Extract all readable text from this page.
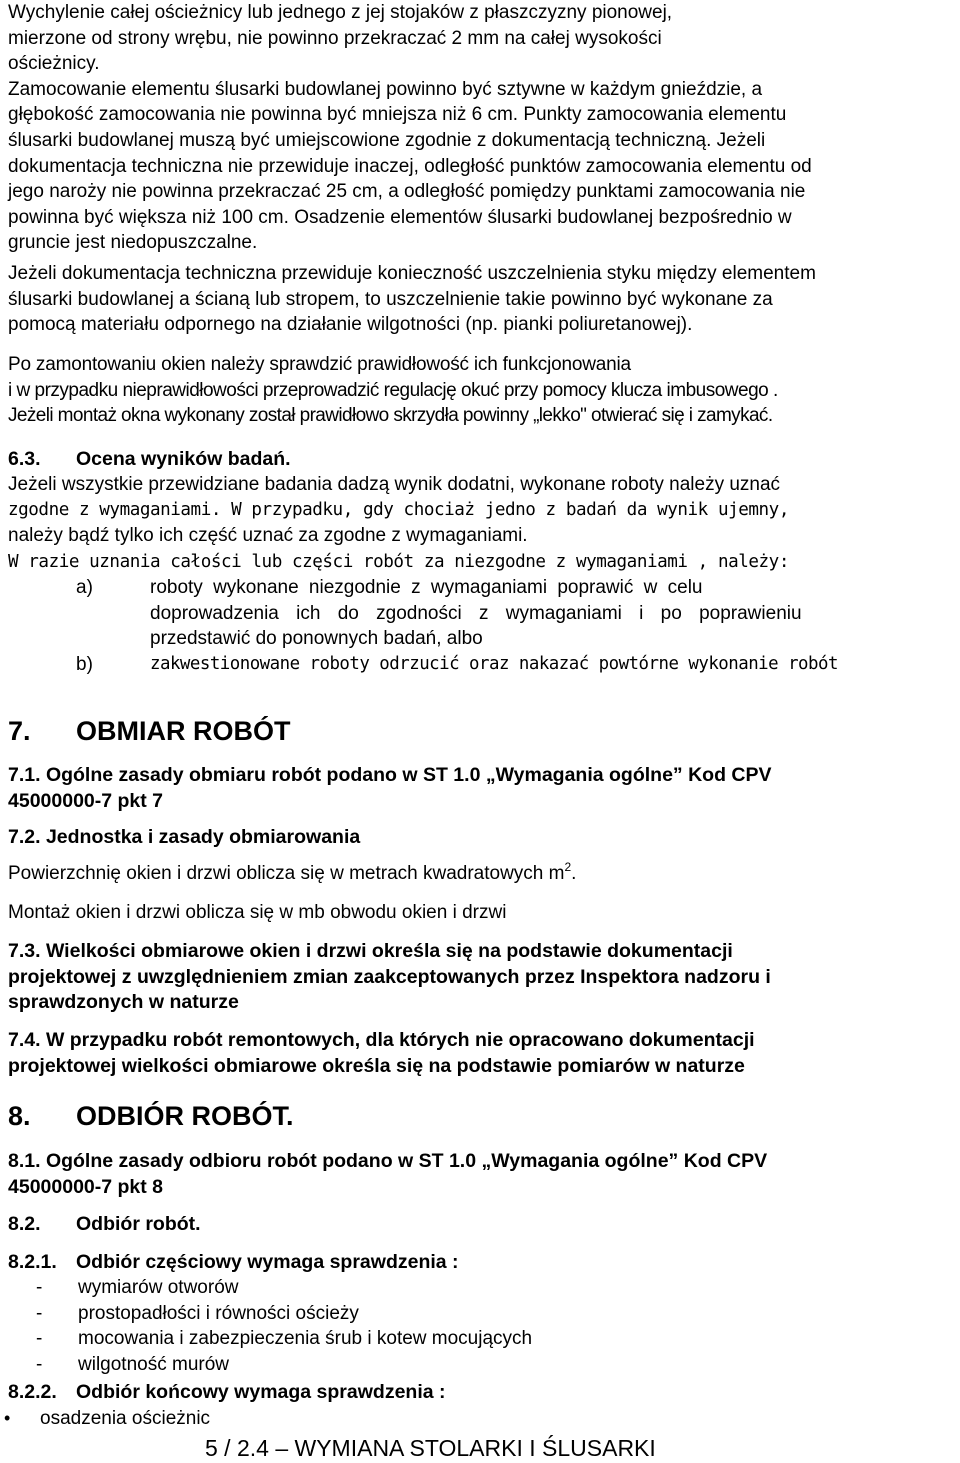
Wychylenie całej ościeżnicy lub jednego z jej stojaków z płaszczyzny pionowej,
mierzone od strony wrębu, nie powinno przekraczać 2 mm na całej wysokości
ościeżnicy.
Zamocowanie elementu ślusarki budowlanej powinno być sztywne w każdym gnieździe, a
głębokość zamocowania nie powinna być mniejsza niż 6 cm. Punkty zamocowania elementu
ślusarki budowlanej muszą być umiejscowione zgodnie z dokumentacją techniczną. Jeżeli
dokumentacja techniczna nie przewiduje inaczej, odległość punktów zamocowania elementu od
jego naroży nie powinna przekraczać 25 cm, a odległość pomiędzy punktami zamocowania nie
powinna być większa niż 100 cm. Osadzenie elementów ślusarki budowlanej bezpośrednio w
gruncie jest niedopuszczalne.
Jeżeli dokumentacja techniczna przewiduje konieczność uszczelnienia styku między elementem
ślusarki budowlanej a ścianą lub stropem, to uszczelnienie takie powinno być wykonane za
pomocą materiału odpornego na działanie wilgotności (np. pianki poliuretanowej).
Po zamontowaniu okien należy sprawdzić prawidłowość ich funkcjonowania
i w przypadku nieprawidłowości przeprowadzić regulację okuć przy pomocy klucza imbusowego .
Jeżeli montaż okna wykonany został prawidłowo skrzydła powinny „lekko" otwierać się i zamykać.
6.3. Ocena wyników badań.
Jeżeli wszystkie przewidziane badania dadzą wynik dodatni, wykonane roboty należy uznać
zgodne z wymaganiami. W przypadku, gdy chociaż jedno z badań da wynik ujemny,
należy bądź tylko ich część uznać za zgodne z wymaganiami.
W razie uznania całości lub części robót za niezgodne z wymaganiami , należy:
a)	roboty wykonane niezgodnie z wymaganiami poprawić w celu
doprowadzenia ich do zgodności z wymaganiami i po poprawieniu
przedstawić do ponownych badań, albo
b)	zakwestionowane roboty odrzucić oraz nakazać powtórne wykonanie robót
7. OBMIAR ROBÓT
7.1. Ogólne zasady obmiaru robót podano w ST 1.0 „Wymagania ogólne” Kod CPV
45000000-7 pkt 7
7.2. Jednostka i zasady obmiarowania
Powierzchnię okien i drzwi oblicza się w metrach kwadratowych $m^2$.
Montaż okien i drzwi oblicza się w mb obwodu okien i drzwi
7.3. Wielkości obmiarowe okien i drzwi określa się na podstawie dokumentacji
projektowej z uwzględnieniem zmian zaakceptowanych przez Inspektora nadzoru i
sprawdzonych w naturze
7.4. W przypadku robót remontowych, dla których nie opracowano dokumentacji
projektowej wielkości obmiarowe określa się na podstawie pomiarów w naturze
8. ODBIÓR ROBÓT.
8.1. Ogólne zasady odbioru robót podano w ST 1.0 „Wymagania ogólne” Kod CPV
45000000-7 pkt 8
8.2. Odbiór robót.
8.2.1. Odbiór częściowy wymaga sprawdzenia :
- wymiarów otworów
- prostopadłości i równości ościeży
- mocowania i zabezpieczenia śrub i kotew mocujących
- wilgotność murów
8.2.2. Odbiór końcowy wymaga sprawdzenia :
• osadzenia ościeżnic
5 / 2.4 – WYMIANA STOLARKI I ŚLUSARKI
